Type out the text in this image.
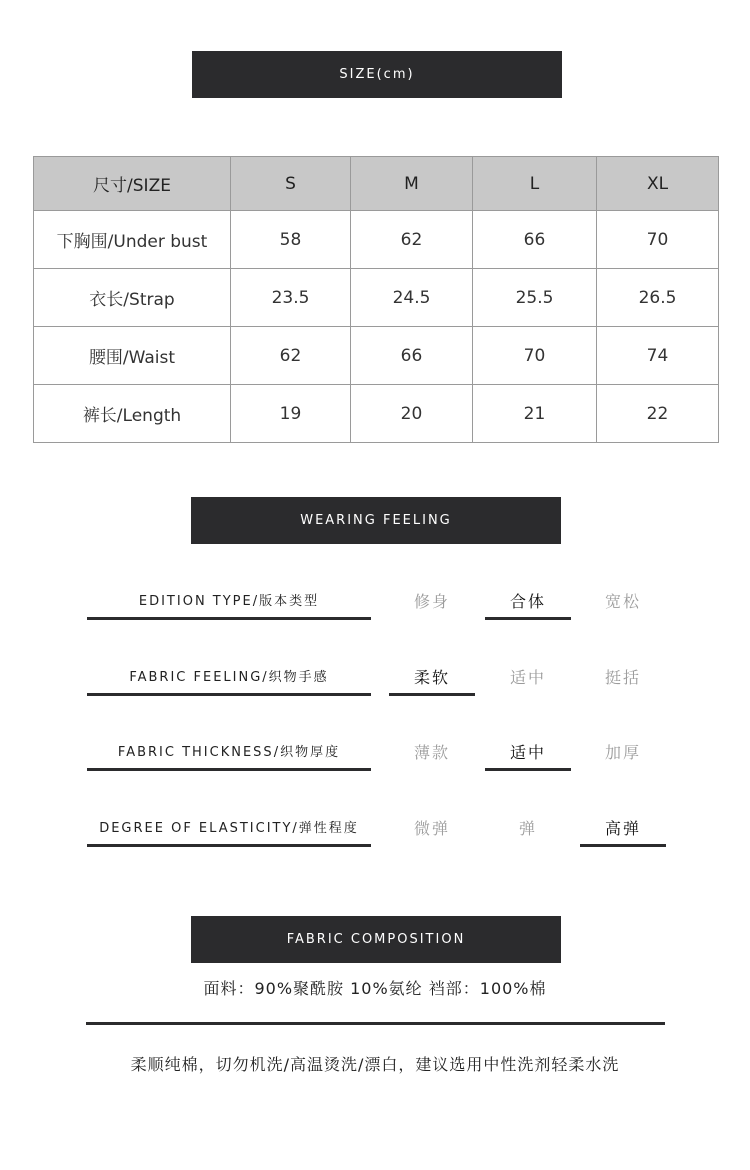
SIZE(cm)
尺寸/SIZE	S	M	L	XL
下胸围/Under bust	58	62	66	70
衣长/Strap	23.5	24.5	25.5	26.5
腰围/Waist	62	66	70	74
裤长/Length	19	20	21	22
WEARING FEELING
EDITION TYPE/版本类型	修身	合体	宽松
FABRIC FEELING/织物手感	柔软	适中	挺括
FABRIC THICKNESS/织物厚度	薄款	适中	加厚
DEGREE OF ELASTICITY/弹性程度	微弹	弹	高弹
FABRIC COMPOSITION
面料：90%聚酰胺 10%氨纶 裆部：100%棉
柔顺纯棉，切勿机洗/高温烫洗/漂白，建议选用中性洗剂轻柔水洗
